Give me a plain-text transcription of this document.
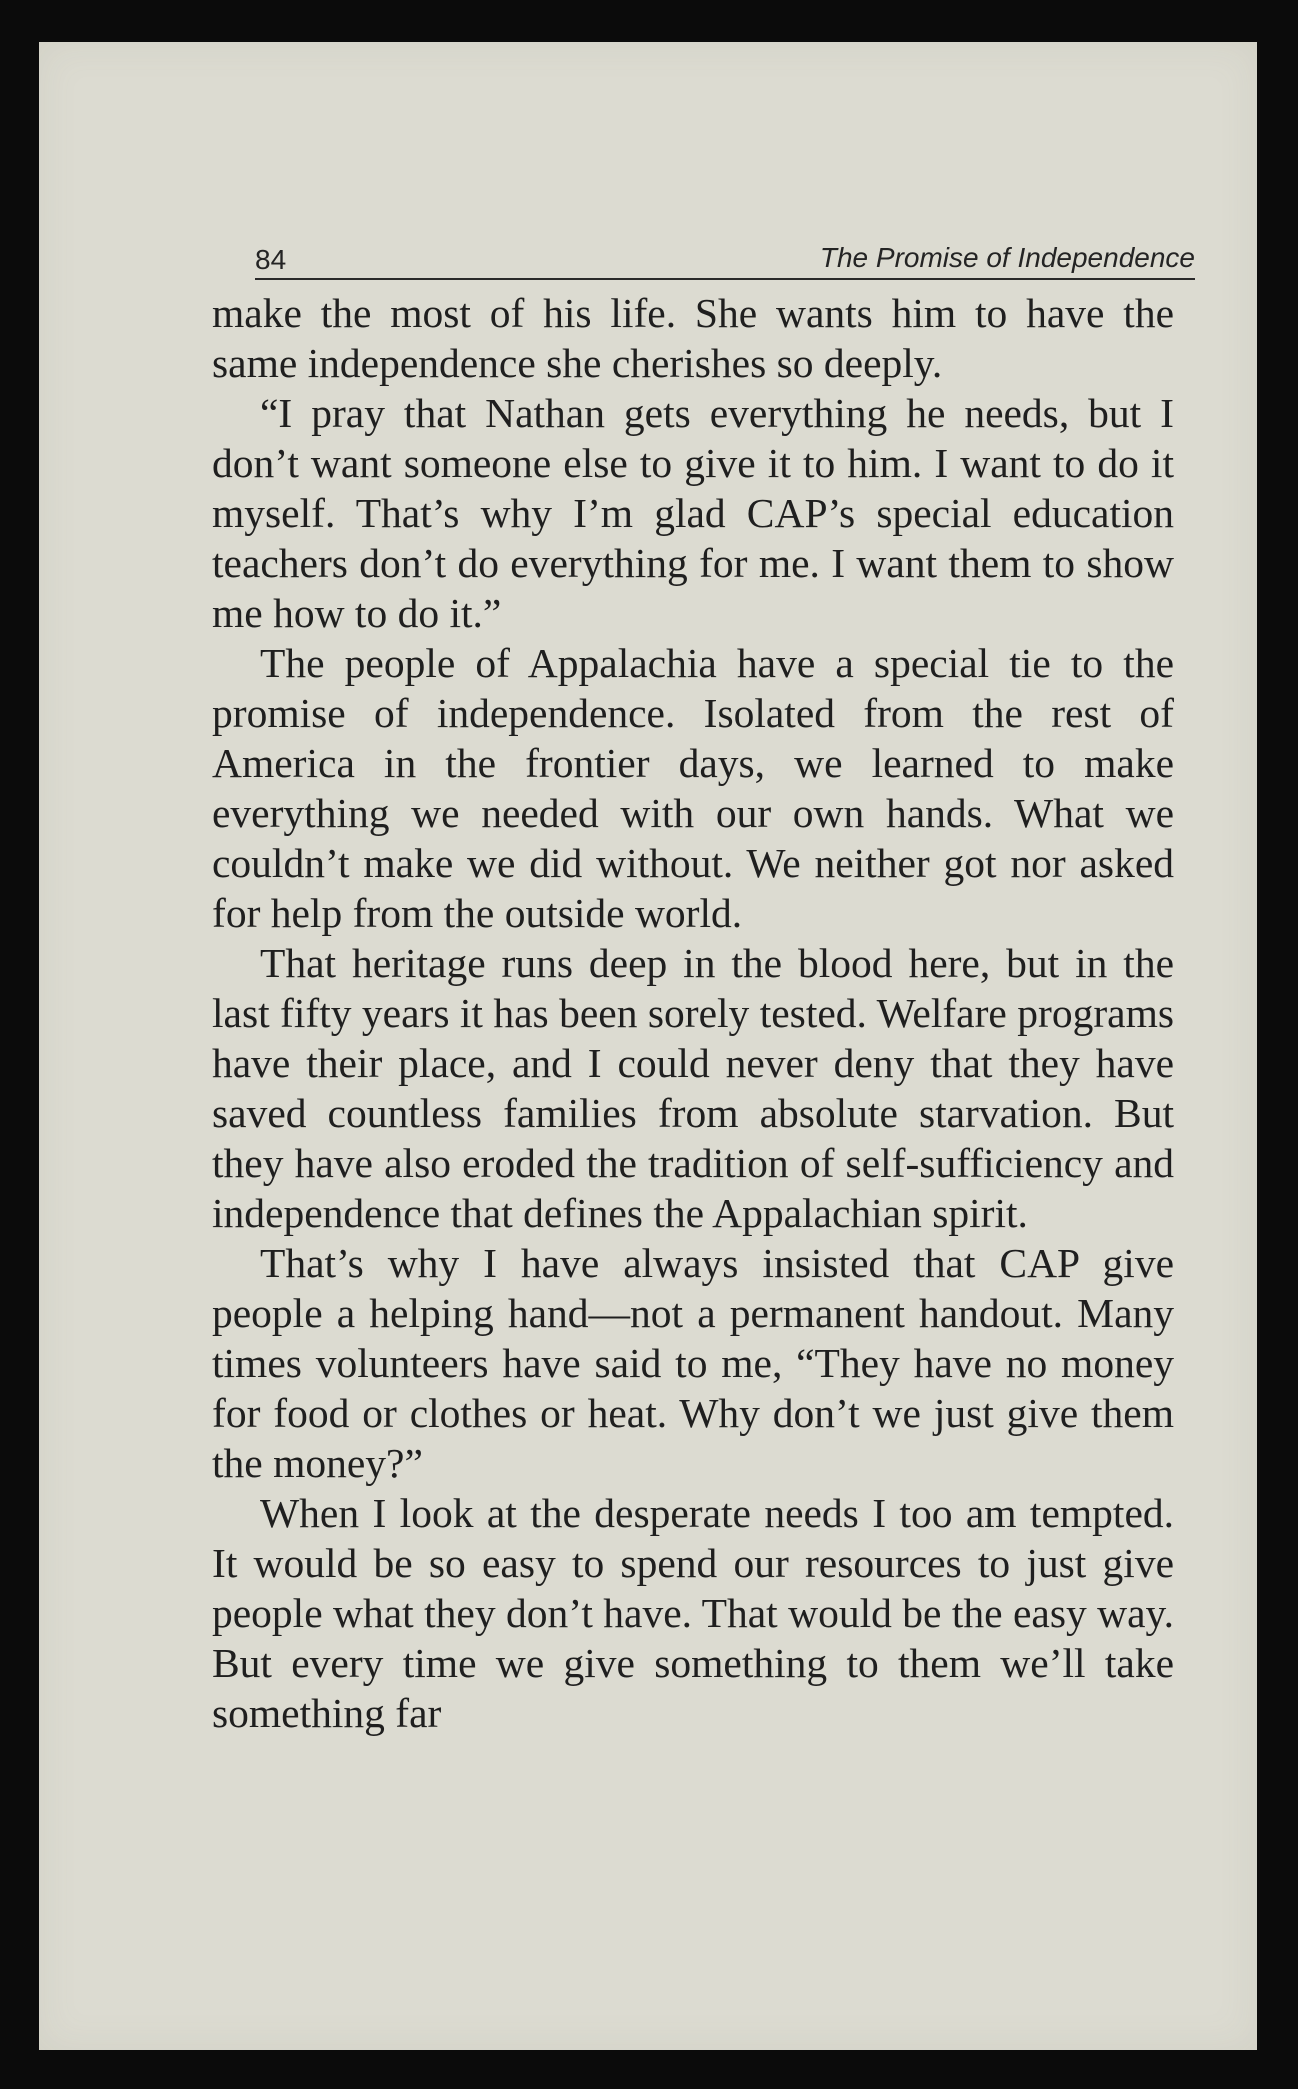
84	The Promise of Independence

make the most of his life. She wants him to have the same independence she cherishes so deeply.

“I pray that Nathan gets everything he needs, but I don’t want someone else to give it to him. I want to do it myself. That’s why I’m glad CAP’s special education teachers don’t do everything for me. I want them to show me how to do it.”

The people of Appalachia have a special tie to the promise of independence. Isolated from the rest of America in the frontier days, we learned to make everything we needed with our own hands. What we couldn’t make we did without. We neither got nor asked for help from the outside world.

That heritage runs deep in the blood here, but in the last fifty years it has been sorely tested. Welfare programs have their place, and I could never deny that they have saved countless families from absolute starvation. But they have also eroded the tradition of self-sufficiency and independence that defines the Appalachian spirit.

That’s why I have always insisted that CAP give people a helping hand—not a permanent handout. Many times volunteers have said to me, “They have no money for food or clothes or heat. Why don’t we just give them the money?”

When I look at the desperate needs I too am tempted. It would be so easy to spend our resources to just give people what they don’t have. That would be the easy way. But every time we give something to them we’ll take something far
